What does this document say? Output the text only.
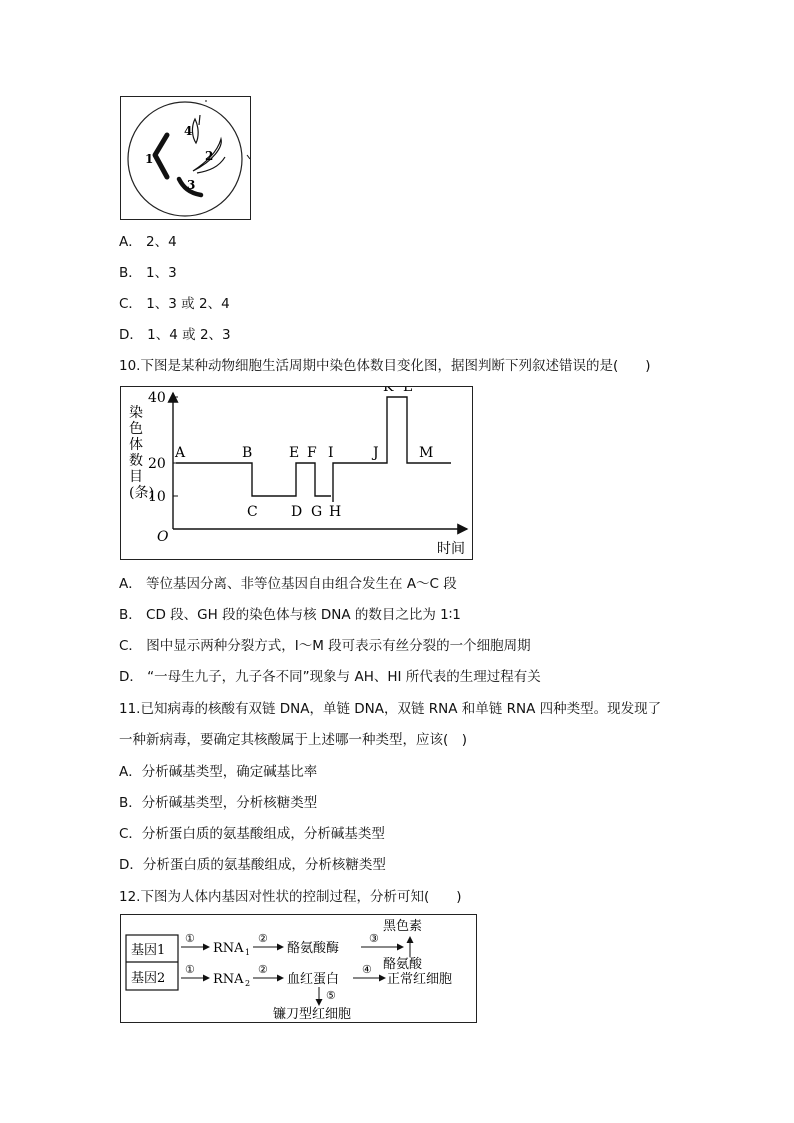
4
2
1
3
A． 2、4
B． 1、3
C． 1、3 或 2、4
D． 1、4 或 2、3
10.下图是某种动物细胞生活周期中染色体数目变化图，据图判断下列叙述错误的是(　　)
40
20
10
染
色
体
数
目
(条)
O
时间
A	B
C D
E F
G H
I	J
K L
M
A． 等位基因分离、非等位基因自由组合发生在 A～C 段
B． CD 段、GH 段的染色体与核 DNA 的数目之比为 1∶1
C． 图中显示两种分裂方式，I～M 段可表示有丝分裂的一个细胞周期
D． “一母生九子，九子各不同”现象与 AH、HI 所代表的生理过程有关
11.已知病毒的核酸有双链 DNA，单链 DNA，双链 RNA 和单链 RNA 四种类型。现发现了
一种新病毒，要确定其核酸属于上述哪一种类型，应该(　)
A．分析碱基类型，确定碱基比率
B．分析碱基类型，分析核糖类型
C．分析蛋白质的氨基酸组成，分析碱基类型
D．分析蛋白质的氨基酸组成，分析核糖类型
12.下图为人体内基因对性状的控制过程，分析可知(　　)
基因1
基因2
①
RNA 1
②
酪氨酸酶
③
黑色素
酪氨酸
①
RNA 2
②
血红蛋白
④
正常红细胞
⑤
镰刀型红细胞
